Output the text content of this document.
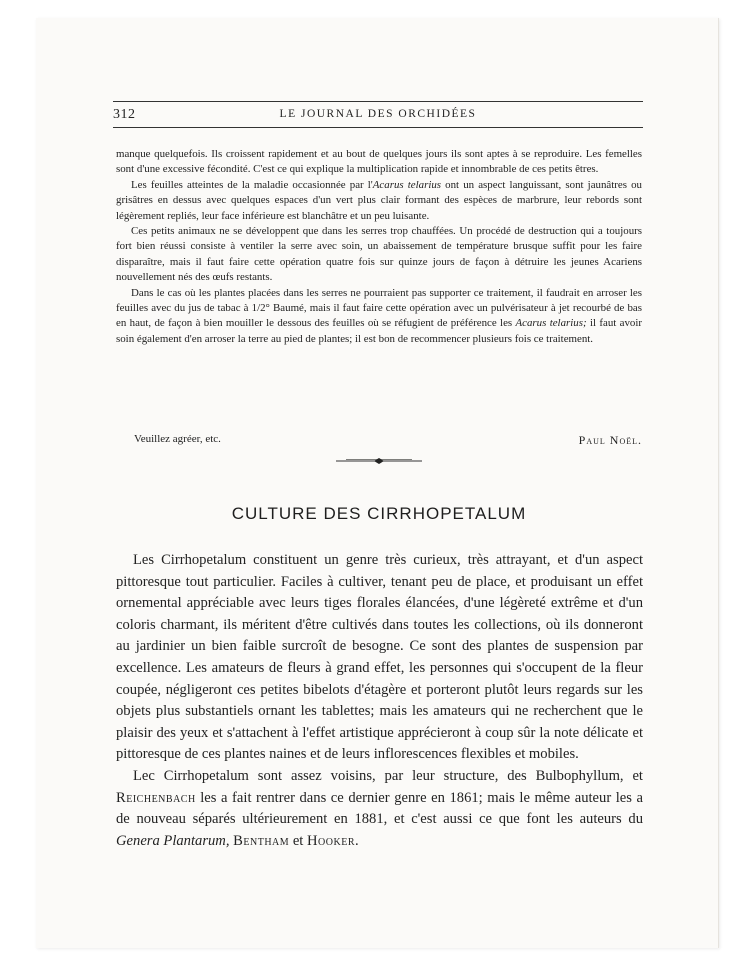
312	LE JOURNAL DES ORCHIDÉES

manque quelquefois. Ils croissent rapidement et au bout de quelques jours ils sont aptes à se reproduire. Les femelles sont d'une excessive fécondité. C'est ce qui explique la multiplication rapide et innombrable de ces petits êtres.

Les feuilles atteintes de la maladie occasionnée par l'Acarus telarius ont un aspect languissant, sont jaunâtres ou grisâtres en dessus avec quelques espaces d'un vert plus clair formant des espèces de marbrure, leur rebords sont légèrement repliés, leur face inférieure est blanchâtre et un peu luisante.

Ces petits animaux ne se développent que dans les serres trop chauffées. Un procédé de destruction qui a toujours fort bien réussi consiste à ventiler la serre avec soin, un abaissement de température brusque suffit pour les faire disparaître, mais il faut faire cette opération quatre fois sur quinze jours de façon à détruire les jeunes Acariens nouvellement nés des œufs restants.

Dans le cas où les plantes placées dans les serres ne pourraient pas supporter ce traitement, il faudrait en arroser les feuilles avec du jus de tabac à 1/2° Baumé, mais il faut faire cette opération avec un pulvérisateur à jet recourbé de bas en haut, de façon à bien mouiller le dessous des feuilles où se réfugient de préférence les Acarus telarius; il faut avoir soin également d'en arroser la terre au pied de plantes; il est bon de recommencer plusieurs fois ce traitement.

Veuillez agréer, etc.	Paul Noël.
CULTURE DES CIRRHOPETALUM

Les Cirrhopetalum constituent un genre très curieux, très attrayant, et d'un aspect pittoresque tout particulier. Faciles à cultiver, tenant peu de place, et produisant un effet ornemental appréciable avec leurs tiges florales élancées, d'une légèreté extrême et d'un coloris charmant, ils méritent d'être cultivés dans toutes les collections, où ils donneront au jardinier un bien faible surcroît de besogne. Ce sont des plantes de suspension par excellence. Les amateurs de fleurs à grand effet, les personnes qui s'occupent de la fleur coupée, négligeront ces petites bibelots d'étagère et porteront plutôt leurs regards sur les objets plus substantiels ornant les tablettes; mais les amateurs qui ne recherchent que le plaisir des yeux et s'attachent à l'effet artistique apprécieront à coup sûr la note délicate et pittoresque de ces plantes naines et de leurs inflorescences flexibles et mobiles.

Lec Cirrhopetalum sont assez voisins, par leur structure, des Bulbophyllum, et Reichenbach les a fait rentrer dans ce dernier genre en 1861; mais le même auteur les a de nouveau séparés ultérieurement en 1881, et c'est aussi ce que font les auteurs du Genera Plantarum, Bentham et Hooker.
